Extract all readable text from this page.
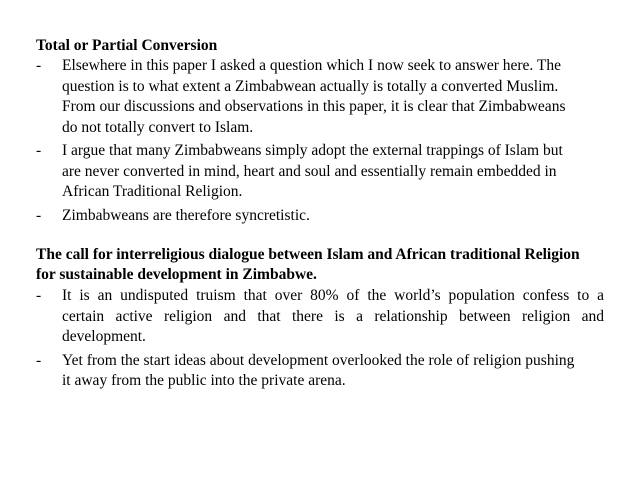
Total or Partial Conversion
- Elsewhere in this paper I asked a question which I now seek to answer here. The
question is to what extent a Zimbabwean actually is totally a converted Muslim.
From our discussions and observations in this paper, it is clear that Zimbabweans
do not totally convert to Islam.
- I argue that many Zimbabweans simply adopt the external trappings of Islam but
are never converted in mind, heart and soul and essentially remain embedded in
African Traditional Religion.
- Zimbabweans are therefore syncretistic.
The call for interreligious dialogue between Islam and African traditional Religion
for sustainable development in Zimbabwe.
- It is an undisputed truism that over 80% of the world’s population confess to a
certain active religion and that there is a relationship between religion and
development.
- Yet from the start ideas about development overlooked the role of religion pushing
it away from the public into the private arena.
